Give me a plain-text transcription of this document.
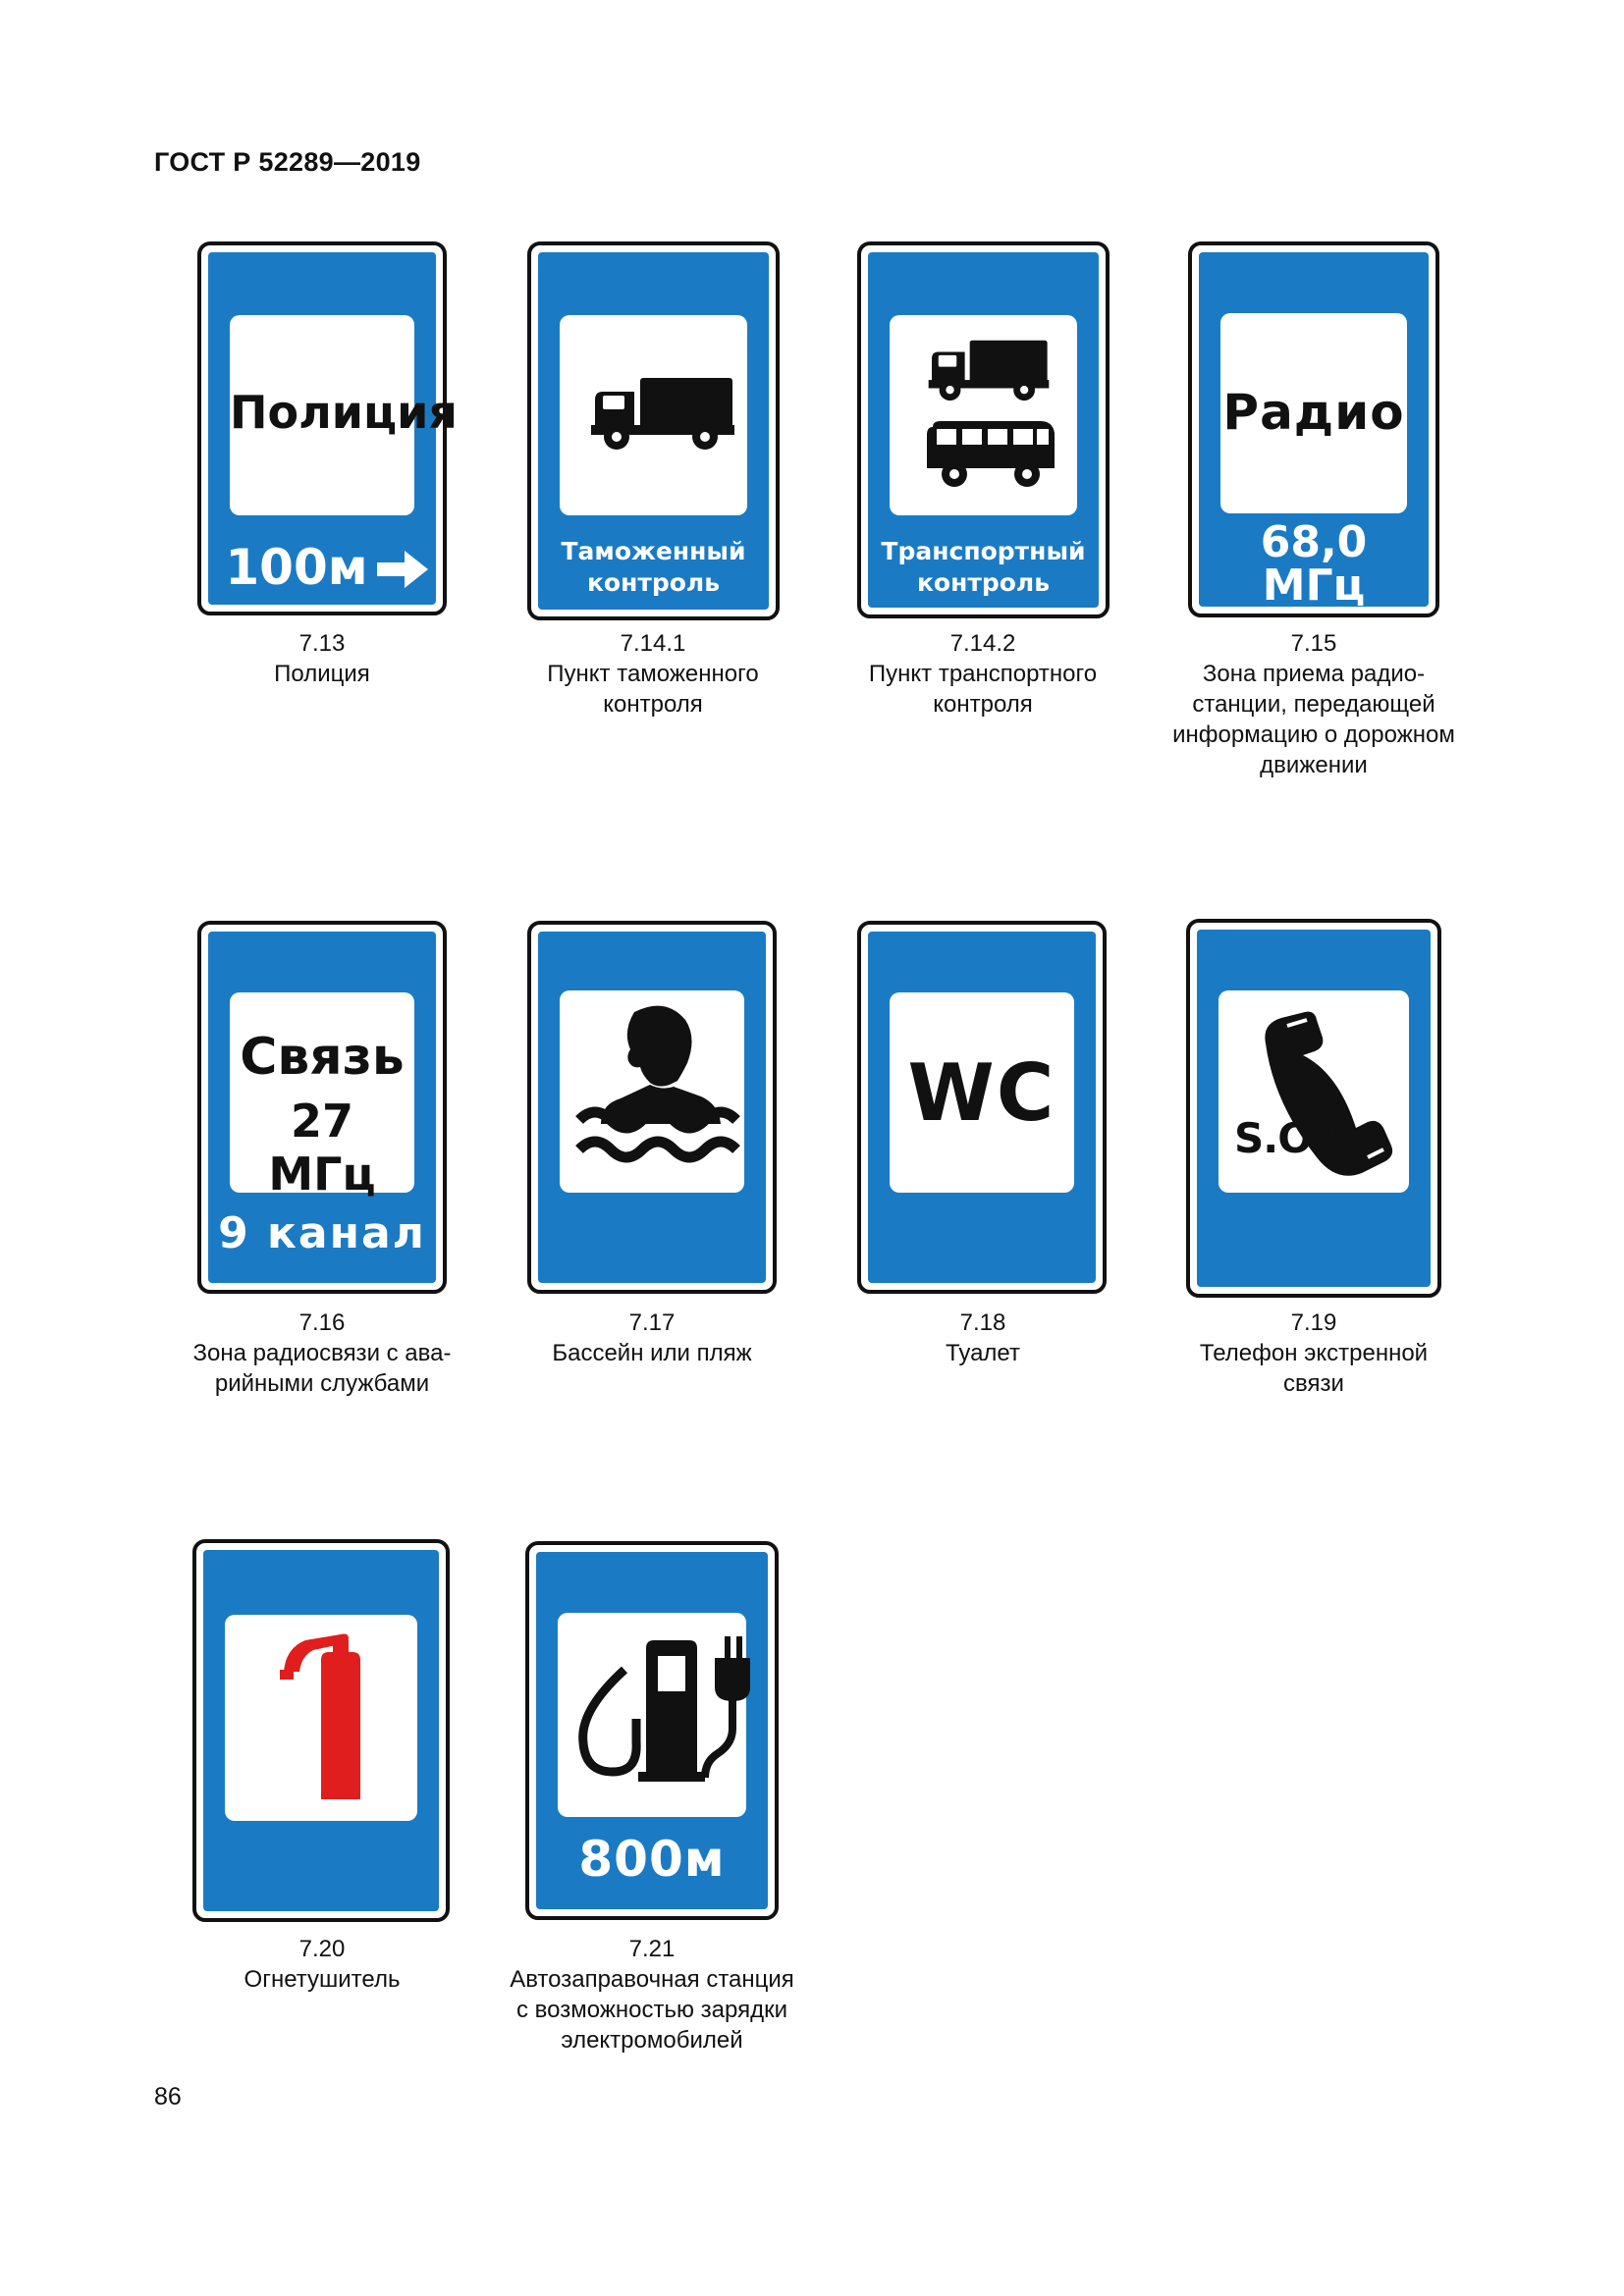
ГОСТ Р 52289—2019
Полиция
100м
7.13
Полиция
Таможенный
контроль
7.14.1
Пункт таможенного
контроля
Транспортный
контроль
7.14.2
Пункт транспортного
контроля
Радио
68,0
МГц
7.15
Зона приема радио-
станции, передающей
информацию о дорожном
движении
Связь
27 МГц
9 канал
7.16
Зона радиосвязи с ава-
рийными службами
7.17
Бассейн или пляж
WC
7.18
Туалет
S.O.S.
7.19
Телефон экстренной
связи
7.20
Огнетушитель
800м
7.21
Автозаправочная станция
с возможностью зарядки
электромобилей
86
